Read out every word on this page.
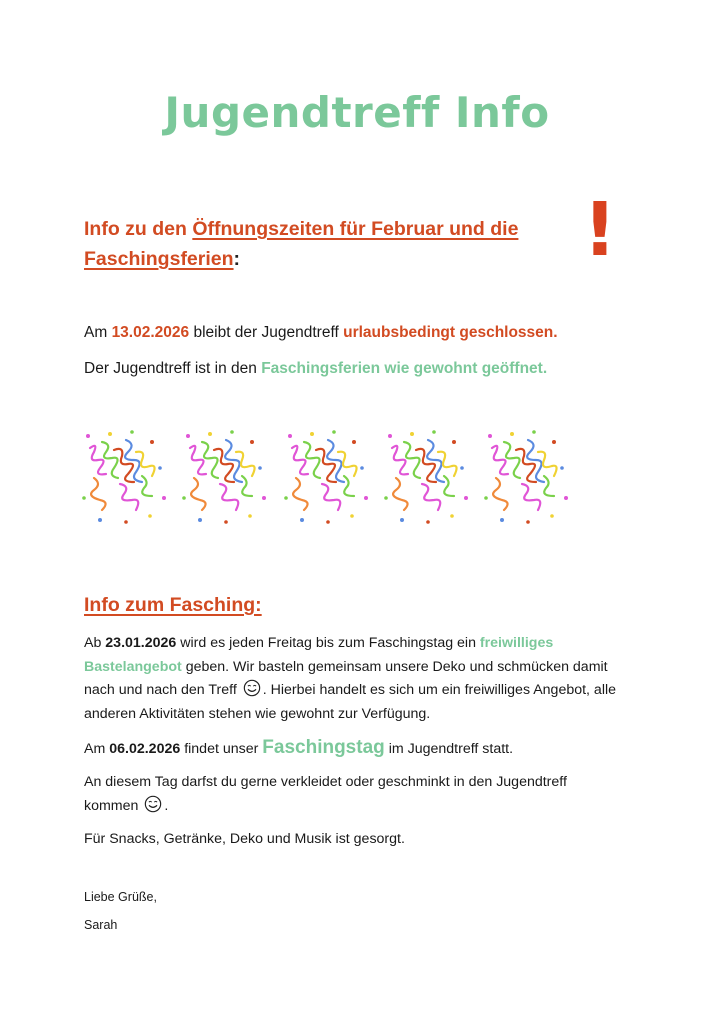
Jugendtreff Info
Info zu den Öffnungszeiten für Februar und die Faschingsferien:	!
Am 13.02.2026 bleibt der Jugendtreff urlaubsbedingt geschlossen.
Der Jugendtreff ist in den Faschingsferien wie gewohnt geöffnet.
Info zum Fasching:
Ab 23.01.2026 wird es jeden Freitag bis zum Faschingstag ein freiwilliges Bastelangebot geben. Wir basteln gemeinsam unsere Deko und schmücken damit nach und nach den Treff . Hierbei handelt es sich um ein freiwilliges Angebot, alle anderen Aktivitäten stehen wie gewohnt zur Verfügung.
Am 06.02.2026 findet unser Faschingstag im Jugendtreff statt.
An diesem Tag darfst du gerne verkleidet oder geschminkt in den Jugendtreff kommen .
Für Snacks, Getränke, Deko und Musik ist gesorgt.
Liebe Grüße,
Sarah
